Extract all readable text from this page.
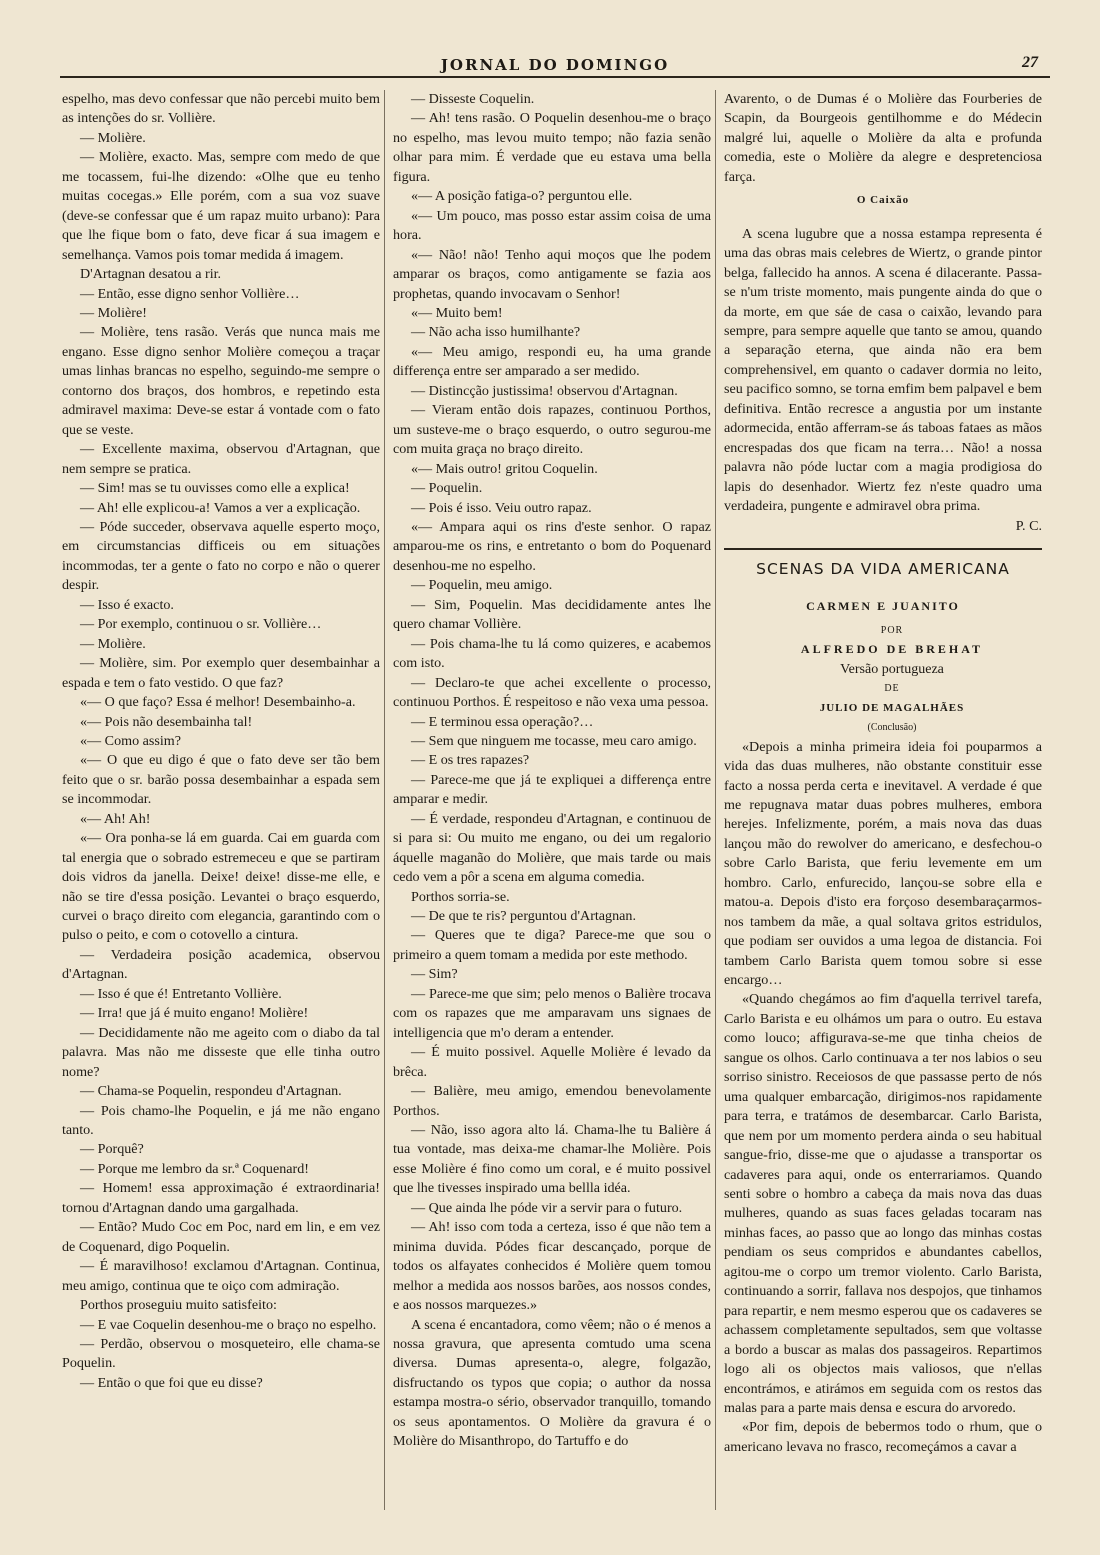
JORNAL DO DOMINGO	27

espelho, mas devo confessar que não percebi muito bem as intenções do sr. Vollière.

— Molière.

— Molière, exacto. Mas, sempre com medo de que me tocassem, fui-lhe dizendo: «Olhe que eu tenho muitas cocegas.» Elle porém, com a sua voz suave (deve-se confessar que é um rapaz muito urbano): Para que lhe fique bom o fato, deve ficar á sua imagem e semelhança. Vamos pois tomar medida á imagem.

D'Artagnan desatou a rir.

— Então, esse digno senhor Vollière…

— Molière!

— Molière, tens rasão. Verás que nunca mais me engano. Esse digno senhor Molière começou a traçar umas linhas brancas no espelho, seguindo-me sempre o contorno dos braços, dos hombros, e repetindo esta admiravel maxima: Deve-se estar á vontade com o fato que se veste.

— Excellente maxima, observou d'Artagnan, que nem sempre se pratica.

— Sim! mas se tu ouvisses como elle a explica!

— Ah! elle explicou-a! Vamos a ver a explicação.

— Póde succeder, observava aquelle esperto moço, em circumstancias difficeis ou em situações incommodas, ter a gente o fato no corpo e não o querer despir.

— Isso é exacto.

— Por exemplo, continuou o sr. Vollière…

— Molière.

— Molière, sim. Por exemplo quer desembainhar a espada e tem o fato vestido. O que faz?

«— O que faço? Essa é melhor! Desembainho-a.

«— Pois não desembainha tal!

«— Como assim?

«— O que eu digo é que o fato deve ser tão bem feito que o sr. barão possa desembainhar a espada sem se incommodar.

«— Ah! Ah!

«— Ora ponha-se lá em guarda. Cai em guarda com tal energia que o sobrado estremeceu e que se partiram dois vidros da janella. Deixe! deixe! disse-me elle, e não se tire d'essa posição. Levantei o braço esquerdo, curvei o braço direito com elegancia, garantindo com o pulso o peito, e com o cotovello a cintura.

— Verdadeira posição academica, observou d'Artagnan.

— Isso é que é! Entretanto Vollière.

— Irra! que já é muito engano! Molière!

— Decididamente não me ageito com o diabo da tal palavra. Mas não me disseste que elle tinha outro nome?

— Chama-se Poquelin, respondeu d'Artagnan.

— Pois chamo-lhe Poquelin, e já me não engano tanto.

— Porquê?

— Porque me lembro da sr.ª Coquenard!

— Homem! essa approximação é extraordinaria! tornou d'Artagnan dando uma gargalhada.

— Então? Mudo Coc em Poc, nard em lin, e em vez de Coquenard, digo Poquelin.

— É maravilhoso! exclamou d'Artagnan. Continua, meu amigo, continua que te oiço com admiração.

Porthos proseguiu muito satisfeito:

— E vae Coquelin desenhou-me o braço no espelho.

— Perdão, observou o mosqueteiro, elle chama-se Poquelin.

— Então o que foi que eu disse?

— Disseste Coquelin.

— Ah! tens rasão. O Poquelin desenhou-me o braço no espelho, mas levou muito tempo; não fazia senão olhar para mim. É verdade que eu estava uma bella figura.

«— A posição fatiga-o? perguntou elle.

«— Um pouco, mas posso estar assim coisa de uma hora.

«— Não! não! Tenho aqui moços que lhe podem amparar os braços, como antigamente se fazia aos prophetas, quando invocavam o Senhor!

«— Muito bem!

— Não acha isso humilhante?

«— Meu amigo, respondi eu, ha uma grande differença entre ser amparado a ser medido.

— Distincção justissima! observou d'Artagnan.

— Vieram então dois rapazes, continuou Porthos, um susteve-me o braço esquerdo, o outro segurou-me com muita graça no braço direito.

«— Mais outro! gritou Coquelin.

— Poquelin.

— Pois é isso. Veiu outro rapaz.

«— Ampara aqui os rins d'este senhor. O rapaz amparou-me os rins, e entretanto o bom do Poquenard desenhou-me no espelho.

— Poquelin, meu amigo.

— Sim, Poquelin. Mas decididamente antes lhe quero chamar Vollière.

— Pois chama-lhe tu lá como quizeres, e acabemos com isto.

— Declaro-te que achei excellente o processo, continuou Porthos. É respeitoso e não vexa uma pessoa.

— E terminou essa operação?…

— Sem que ninguem me tocasse, meu caro amigo.

— E os tres rapazes?

— Parece-me que já te expliquei a differença entre amparar e medir.

— É verdade, respondeu d'Artagnan, e continuou de si para si: Ou muito me engano, ou dei um regalorio áquelle maganão do Molière, que mais tarde ou mais cedo vem a pôr a scena em alguma comedia.

Porthos sorria-se.

— De que te ris? perguntou d'Artagnan.

— Queres que te diga? Parece-me que sou o primeiro a quem tomam a medida por este methodo.

— Sim?

— Parece-me que sim; pelo menos o Balière trocava com os rapazes que me amparavam uns signaes de intelligencia que m'o deram a entender.

— É muito possivel. Aquelle Molière é levado da brêca.

— Balière, meu amigo, emendou benevolamente Porthos.

— Não, isso agora alto lá. Chama-lhe tu Balière á tua vontade, mas deixa-me chamar-lhe Molière. Pois esse Molière é fino como um coral, e é muito possivel que lhe tivesses inspirado uma bellla idéa.

— Que ainda lhe póde vir a servir para o futuro.

— Ah! isso com toda a certeza, isso é que não tem a minima duvida. Pódes ficar descançado, porque de todos os alfayates conhecidos é Molière quem tomou melhor a medida aos nossos barões, aos nossos condes, e aos nossos marquezes.»

A scena é encantadora, como vêem; não o é menos a nossa gravura, que apresenta comtudo uma scena diversa. Dumas apresenta-o, alegre, folgazão, disfructando os typos que copia; o author da nossa estampa mostra-o sério, observador tranquillo, tomando os seus apontamentos. O Molière da gravura é o Molière do Misanthropo, do Tartuffo e do

Avarento, o de Dumas é o Molière das Fourberies de Scapin, da Bourgeois gentilhomme e do Médecin malgré lui, aquelle o Molière da alta e profunda comedia, este o Molière da alegre e despretenciosa farça.

O Caixão

A scena lugubre que a nossa estampa representa é uma das obras mais celebres de Wiertz, o grande pintor belga, fallecido ha annos. A scena é dilacerante. Passa-se n'um triste momento, mais pungente ainda do que o da morte, em que sáe de casa o caixão, levando para sempre, para sempre aquelle que tanto se amou, quando a separação eterna, que ainda não era bem comprehensivel, em quanto o cadaver dormia no leito, seu pacifico somno, se torna emfim bem palpavel e bem definitiva. Então recresce a angustia por um instante adormecida, então afferram-se ás taboas fataes as mãos encrespadas dos que ficam na terra… Não! a nossa palavra não póde luctar com a magia prodigiosa do lapis do desenhador. Wiertz fez n'este quadro uma verdadeira, pungente e admiravel obra prima.

P. C.

SCENAS DA VIDA AMERICANA
CARMEN E JUANITO

POR

ALFREDO DE BREHAT

Versão portugueza

DE

JULIO DE MAGALHÃES

(Conclusão)

«Depois a minha primeira ideia foi pouparmos a vida das duas mulheres, não obstante constituir esse facto a nossa perda certa e inevitavel. A verdade é que me repugnava matar duas pobres mulheres, embora herejes. Infelizmente, porém, a mais nova das duas lançou mão do rewolver do americano, e desfechou-o sobre Carlo Barista, que feriu levemente em um hombro. Carlo, enfurecido, lançou-se sobre ella e matou-a. Depois d'isto era forçoso desembaraçarmos-nos tambem da mãe, a qual soltava gritos estridulos, que podiam ser ouvidos a uma legoa de distancia. Foi tambem Carlo Barista quem tomou sobre si esse encargo…

«Quando chegámos ao fim d'aquella terrivel tarefa, Carlo Barista e eu olhámos um para o outro. Eu estava como louco; affigurava-se-me que tinha cheios de sangue os olhos. Carlo continuava a ter nos labios o seu sorriso sinistro. Receiosos de que passasse perto de nós uma qualquer embarcação, dirigimos-nos rapidamente para terra, e tratámos de desembarcar. Carlo Barista, que nem por um momento perdera ainda o seu habitual sangue-frio, disse-me que o ajudasse a transportar os cadaveres para aqui, onde os enterrariamos. Quando senti sobre o hombro a cabeça da mais nova das duas mulheres, quando as suas faces geladas tocaram nas minhas faces, ao passo que ao longo das minhas costas pendiam os seus compridos e abundantes cabellos, agitou-me o corpo um tremor violento. Carlo Barista, continuando a sorrir, fallava nos despojos, que tinhamos para repartir, e nem mesmo esperou que os cadaveres se achassem completamente sepultados, sem que voltasse a bordo a buscar as malas dos passageiros. Repartimos logo ali os objectos mais valiosos, que n'ellas encontrámos, e atirámos em seguida com os restos das malas para a parte mais densa e escura do arvoredo.

«Por fim, depois de bebermos todo o rhum, que o americano levava no frasco, recomeçámos a cavar a
